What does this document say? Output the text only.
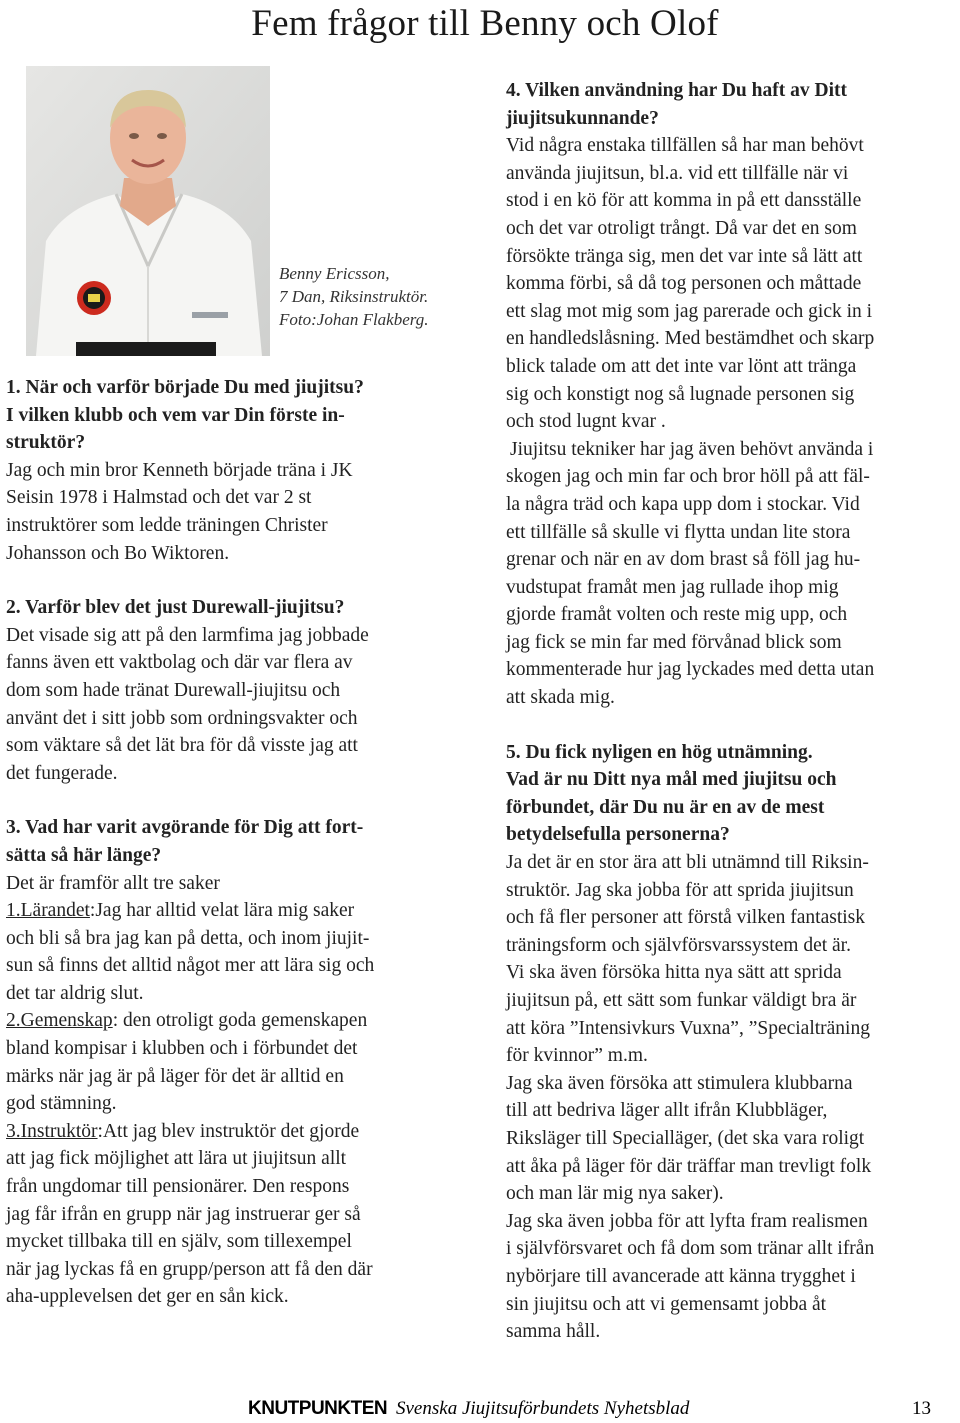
Fem frågor till Benny och Olof
Benny Ericsson,
7 Dan, Riksinstruktör.
Foto:Johan Flakberg.

1. När och varför började Du med jiujitsu?

I vilken klubb och vem var Din förste in-

struktör?

Jag och min bror Kenneth började träna i JK

Seisin 1978 i Halmstad och det var 2 st

instruktörer som ledde träningen Christer

Johansson och Bo Wiktoren.

2. Varför blev det just Durewall-jiujitsu?

Det visade sig att på den larmfima jag jobbade

fanns även ett vaktbolag och där var flera av

dom som hade tränat Durewall-jiujitsu och

använt det i sitt jobb som ordningsvakter och

som väktare så det lät bra för då visste jag att

det fungerade.

3. Vad har varit avgörande för Dig att fort-

sätta så här länge?

Det är framför allt tre saker

1.Lärandet:Jag har alltid velat lära mig saker

och bli så bra jag kan på detta, och inom jiujit-

sun så finns det alltid något mer att lära sig och

det tar aldrig slut.

2.Gemenskap: den otroligt goda gemenskapen

bland kompisar i klubben och i förbundet det

märks när jag är på läger för det är alltid en

god stämning.

3.Instruktör:Att jag blev instruktör det gjorde

att jag fick möjlighet att lära ut jiujitsun allt

från ungdomar till pensionärer. Den respons

jag får ifrån en grupp när jag instruerar ger så

mycket tillbaka till en själv, som tillexempel

när jag lyckas få en grupp/person att få den där

aha-upplevelsen det ger en sån kick.

4. Vilken användning har Du haft av Ditt

jiujitsukunnande?

Vid några enstaka tillfällen så har man behövt

använda jiujitsun, bl.a. vid ett tillfälle när vi

stod i en kö för att komma in på ett dansställe

och det var otroligt trångt. Då var det en som

försökte tränga sig, men det var inte så lätt att

komma förbi, så då tog personen och måttade

ett slag mot mig som jag parerade och gick in i

en handledslåsning. Med bestämdhet och skarp

blick talade om att det inte var lönt att tränga

sig och konstigt nog så lugnade personen sig

och stod lugnt kvar .

Jiujitsu tekniker har jag även behövt använda i

skogen jag och min far och bror höll på att fäl-

la några träd och kapa upp dom i stockar. Vid

ett tillfälle så skulle vi flytta undan lite stora

grenar och när en av dom brast så föll jag hu-

vudstupat framåt men jag rullade ihop mig

gjorde framåt volten och reste mig upp, och

jag fick se min far med förvånad blick som

kommenterade hur jag lyckades med detta utan

att skada mig.

5. Du fick nyligen en hög utnämning.

Vad är nu Ditt nya mål med jiujitsu och

förbundet, där Du nu är en av de mest

betydelsefulla personerna?

Ja det är en stor ära att bli utnämnd till Riksin-

struktör. Jag ska jobba för att sprida jiujitsun

och få fler personer att förstå vilken fantastisk

träningsform och självförsvarssystem det är.

Vi ska även försöka hitta nya sätt att sprida

jiujitsun på, ett sätt som funkar väldigt bra är

att köra ”Intensivkurs Vuxna”, ”Specialträning

för kvinnor” m.m.

Jag ska även försöka att stimulera klubbarna

till att bedriva läger allt ifrån Klubbläger,

Riksläger till Specialläger, (det ska vara roligt

att åka på läger för där träffar man trevligt folk

och man lär mig nya saker).

Jag ska även jobba för att lyfta fram realismen

i självförsvaret och få dom som tränar allt ifrån

nybörjare till avancerade att känna trygghet i

sin jiujitsu och att vi gemensamt jobba åt

samma håll.

KNUTPUNKTEN Svenska Jiujitsuförbundets Nyhetsblad	13
